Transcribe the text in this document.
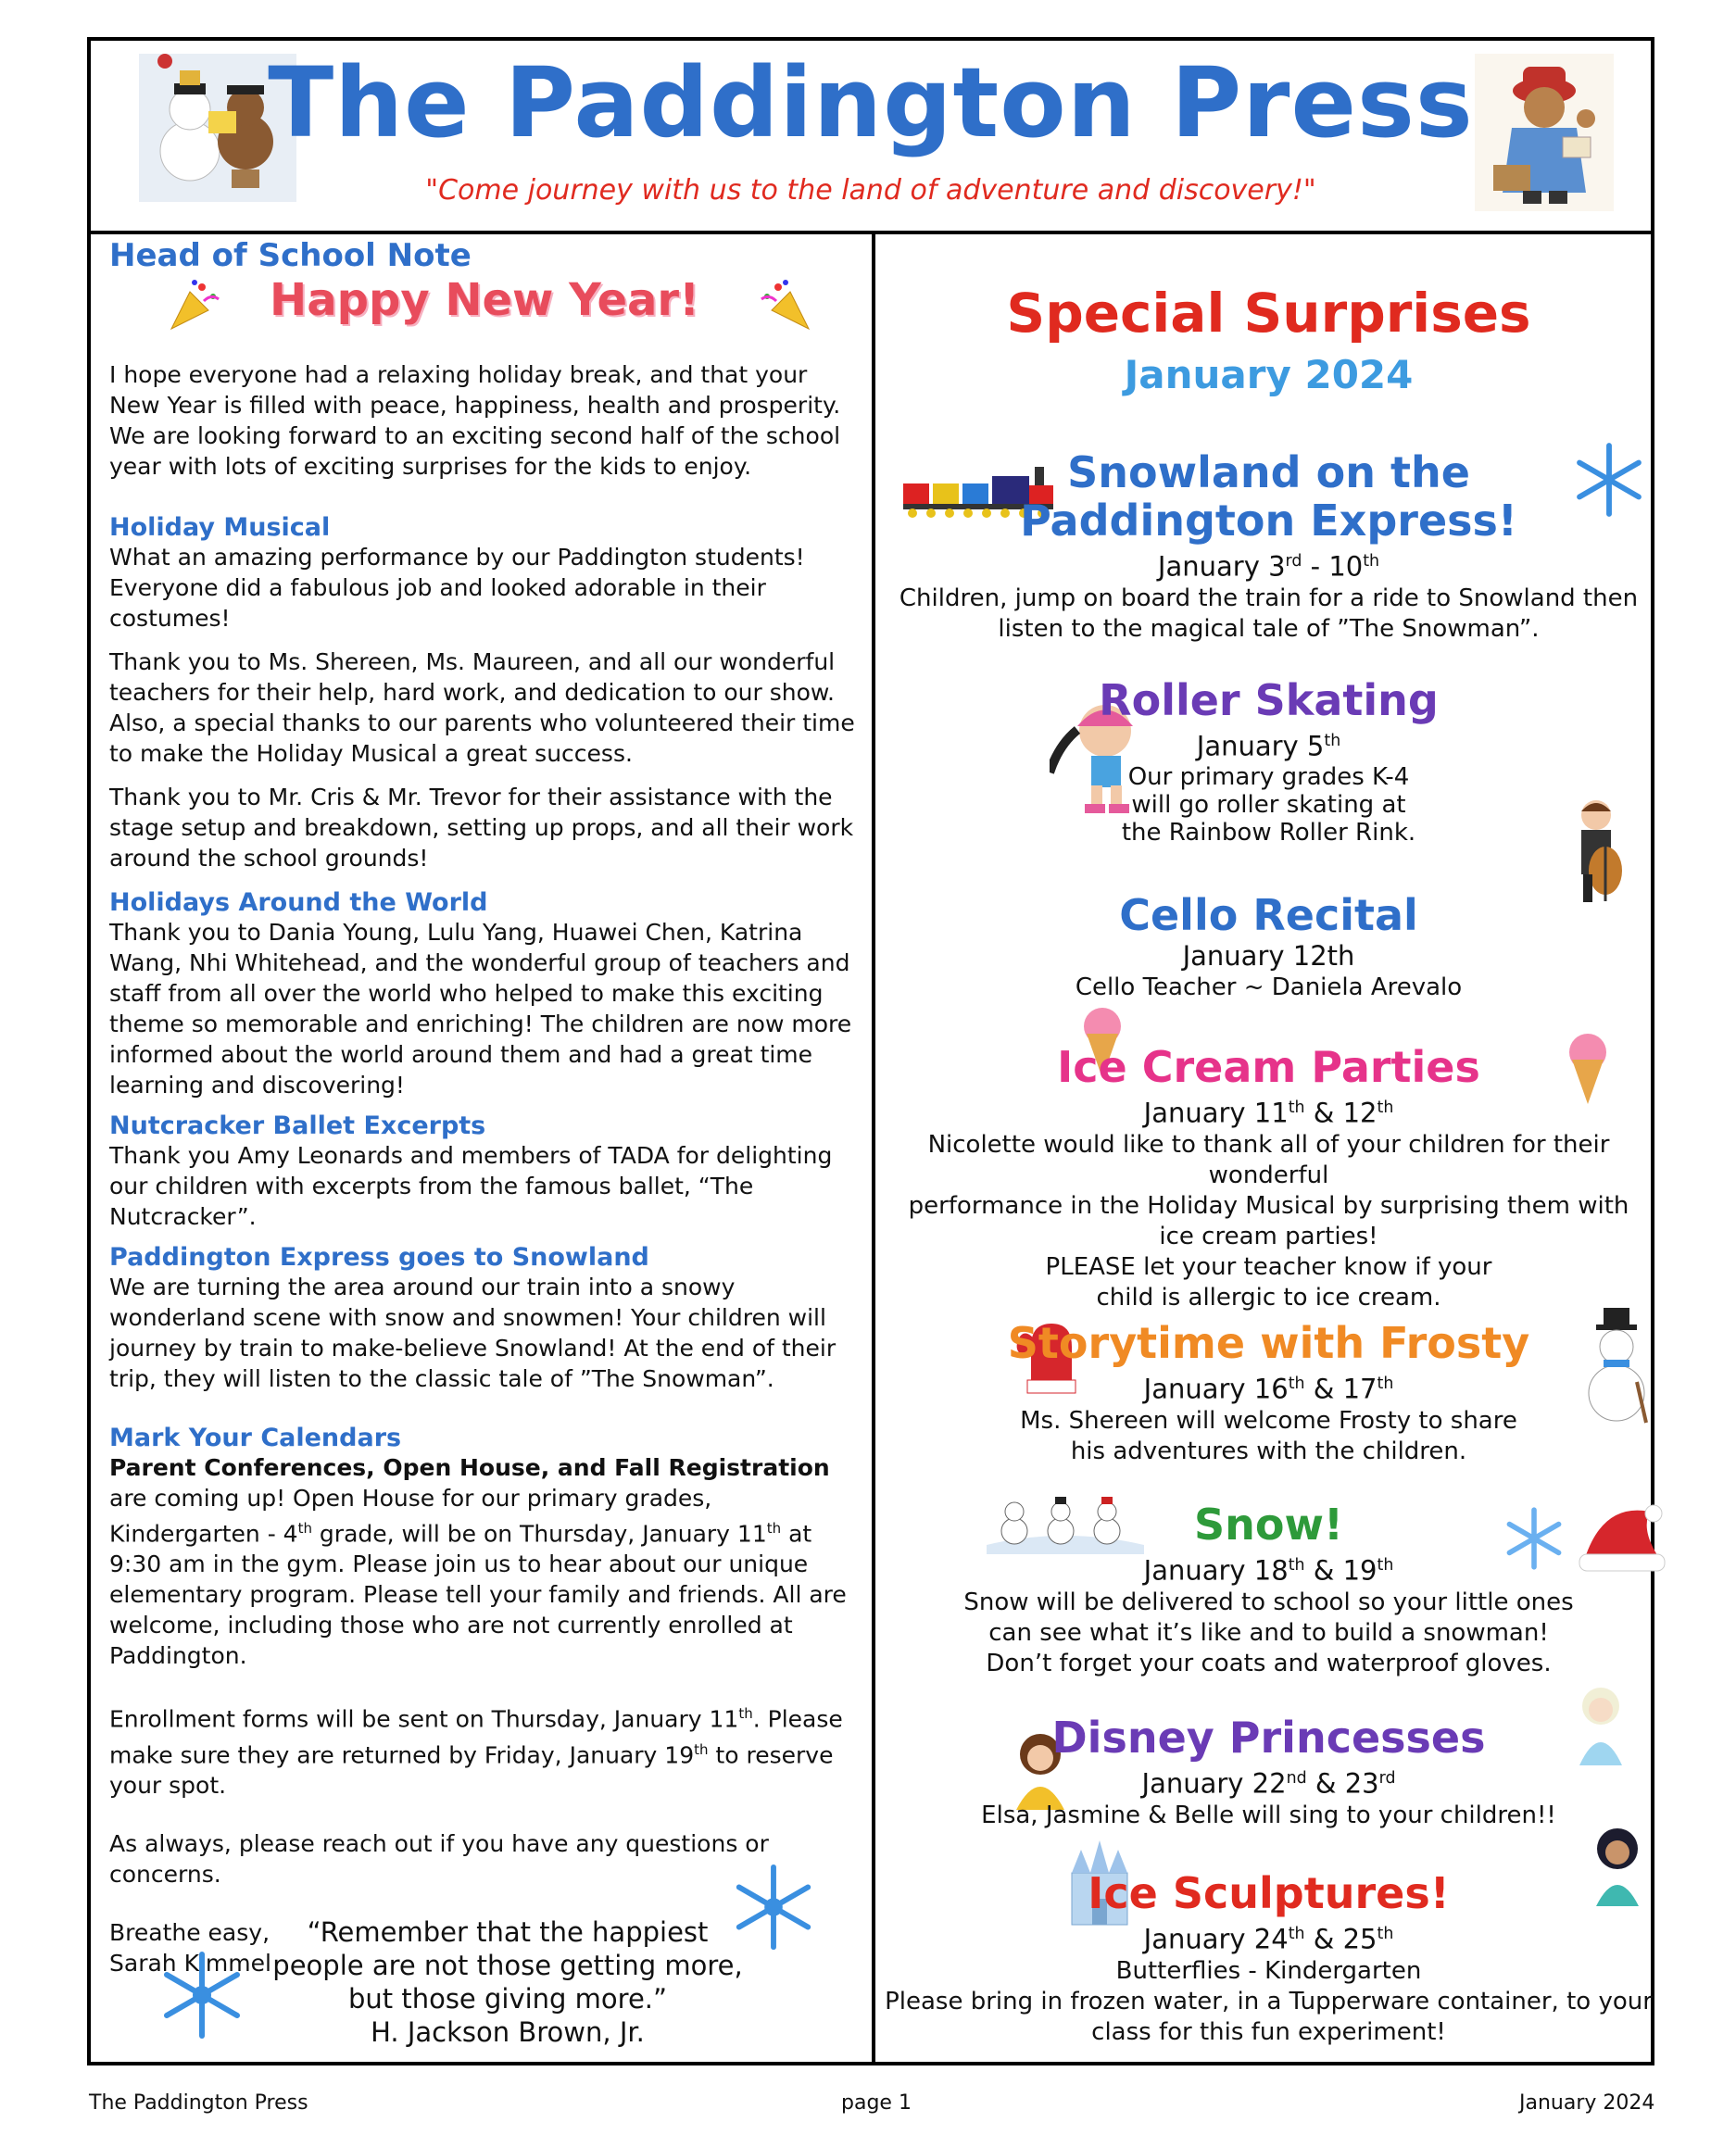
The Paddington Press
"Come journey with us to the land of adventure and discovery!"
Head of School Note
Happy New Year!

I hope everyone had a relaxing holiday break, and that your New Year is filled with peace, happiness, health and prosperity. We are looking forward to an exciting second half of the school year with lots of exciting surprises for the kids to enjoy.

Holiday Musical

What an amazing performance by our Paddington students! Everyone did a fabulous job and looked adorable in their costumes!

Thank you to Ms. Shereen, Ms. Maureen, and all our wonderful teachers for their help, hard work, and dedication to our show. Also, a special thanks to our parents who volunteered their time to make the Holiday Musical a great success.

Thank you to Mr. Cris & Mr. Trevor for their assistance with the stage setup and breakdown, setting up props, and all their work around the school grounds!

Holidays Around the World

Thank you to Dania Young, Lulu Yang, Huawei Chen, Katrina Wang, Nhi Whitehead, and the wonderful group of teachers and staff from all over the world who helped to make this exciting theme so memorable and enriching! The children are now more informed about the world around them and had a great time learning and discovering!

Nutcracker Ballet Excerpts

Thank you Amy Leonards and members of TADA for delighting our children with excerpts from the famous ballet, “The Nutcracker”.

Paddington Express goes to Snowland

We are turning the area around our train into a snowy wonderland scene with snow and snowmen! Your children will journey by train to make-believe Snowland! At the end of their trip, they will listen to the classic tale of ”The Snowman”.

Mark Your Calendars

Parent Conferences, Open House, and Fall Registration are coming up! Open House for our primary grades, Kindergarten - 4th grade, will be on Thursday, January 11th at 9:30 am in the gym. Please join us to hear about our unique elementary program. Please tell your family and friends. All are welcome, including those who are not currently enrolled at Paddington.

Enrollment forms will be sent on Thursday, January 11th. Please make sure they are returned by Friday, January 19th to reserve your spot.

As always, please reach out if you have any questions or concerns.

Breathe easy,

Sarah Kimmel

“Remember that the happiest
people are not those getting more,
but those giving more.”
H. Jackson Brown, Jr.
Special Surprises
January 2024
Snowland on the
Paddington Express!
January 3rd - 10th
Children, jump on board the train for a ride to Snowland then listen to the magical tale of ”The Snowman”.
Roller Skating
January 5th
Our primary grades K-4
will go roller skating at
the Rainbow Roller Rink.
Cello Recital
January 12th
Cello Teacher ~ Daniela Arevalo
Ice Cream Parties
January 11th & 12th
Nicolette would like to thank all of your children for their wonderful
performance in the Holiday Musical by surprising them with
ice cream parties!
PLEASE let your teacher know if your
child is allergic to ice cream.
Storytime with Frosty
January 16th & 17th
Ms. Shereen will welcome Frosty to share
his adventures with the children.
Snow!
January 18th & 19th
Snow will be delivered to school so your little ones
can see what it’s like and to build a snowman!
Don’t forget your coats and waterproof gloves.
Disney Princesses
January 22nd & 23rd
Elsa, Jasmine & Belle will sing to your children!!
Ice Sculptures!
January 24th & 25th
Butterflies - Kindergarten
Please bring in frozen water, in a Tupperware container, to your
class for this fun experiment!
The Paddington Press	page 1	January 2024
